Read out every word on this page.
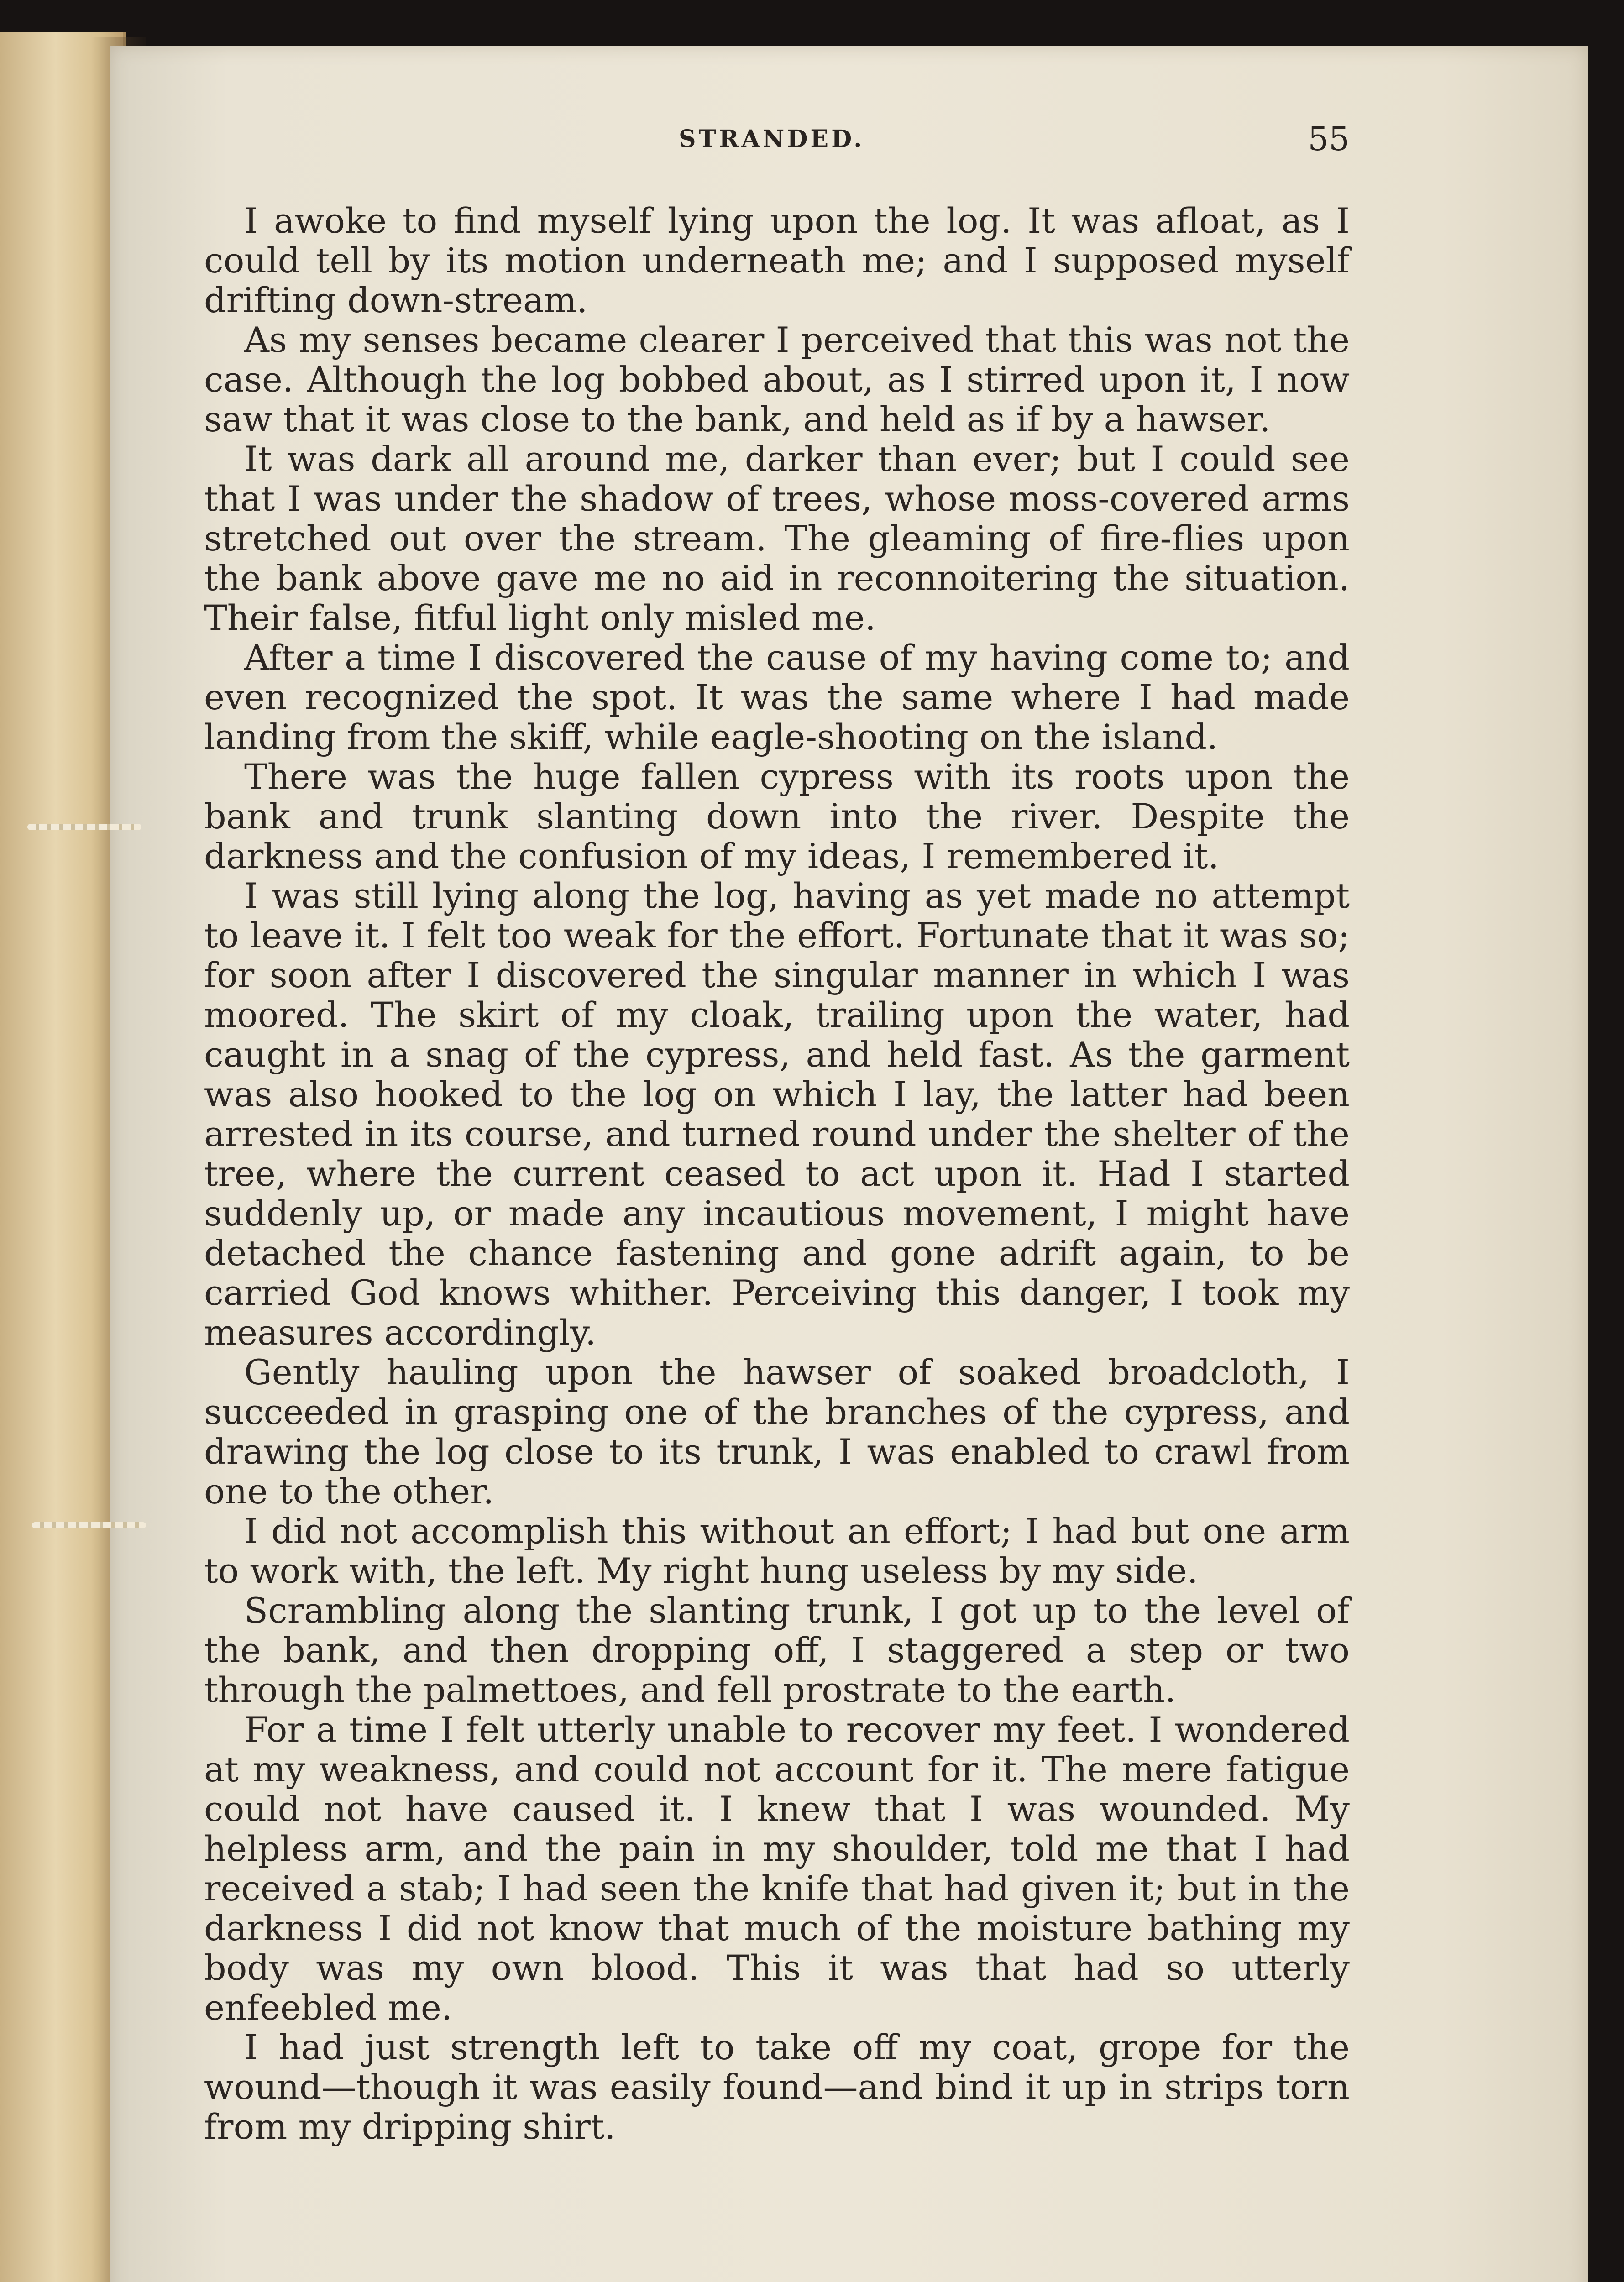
STRANDED.	55

I awoke to find myself lying upon the log. It was afloat, as I could tell by its motion underneath me; and I supposed myself drifting down-stream.

As my senses became clearer I perceived that this was not the case. Although the log bobbed about, as I stirred upon it, I now saw that it was close to the bank, and held as if by a hawser.

It was dark all around me, darker than ever; but I could see that I was under the shadow of trees, whose moss-covered arms stretched out over the stream. The gleaming of fire-flies upon the bank above gave me no aid in reconnoitering the situation. Their false, fitful light only misled me.

After a time I discovered the cause of my having come to; and even recognized the spot. It was the same where I had made landing from the skiff, while eagle-shooting on the island.

There was the huge fallen cypress with its roots upon the bank and trunk slanting down into the river. Despite the darkness and the confusion of my ideas, I remembered it.

I was still lying along the log, having as yet made no attempt to leave it. I felt too weak for the effort. Fortunate that it was so; for soon after I discovered the singular manner in which I was moored. The skirt of my cloak, trailing upon the water, had caught in a snag of the cypress, and held fast. As the garment was also hooked to the log on which I lay, the latter had been arrested in its course, and turned round under the shelter of the tree, where the current ceased to act upon it. Had I started suddenly up, or made any incautious movement, I might have detached the chance fastening and gone adrift again, to be carried God knows whither. Perceiving this danger, I took my measures accordingly.

Gently hauling upon the hawser of soaked broadcloth, I succeeded in grasping one of the branches of the cypress, and drawing the log close to its trunk, I was enabled to crawl from one to the other.

I did not accomplish this without an effort; I had but one arm to work with, the left. My right hung useless by my side.

Scrambling along the slanting trunk, I got up to the level of the bank, and then dropping off, I staggered a step or two through the palmettoes, and fell prostrate to the earth.

For a time I felt utterly unable to recover my feet. I wondered at my weakness, and could not account for it. The mere fatigue could not have caused it. I knew that I was wounded. My helpless arm, and the pain in my shoulder, told me that I had received a stab; I had seen the knife that had given it; but in the darkness I did not know that much of the moisture bathing my body was my own blood. This it was that had so utterly enfeebled me.

I had just strength left to take off my coat, grope for the wound—though it was easily found—and bind it up in strips torn from my dripping shirt.
